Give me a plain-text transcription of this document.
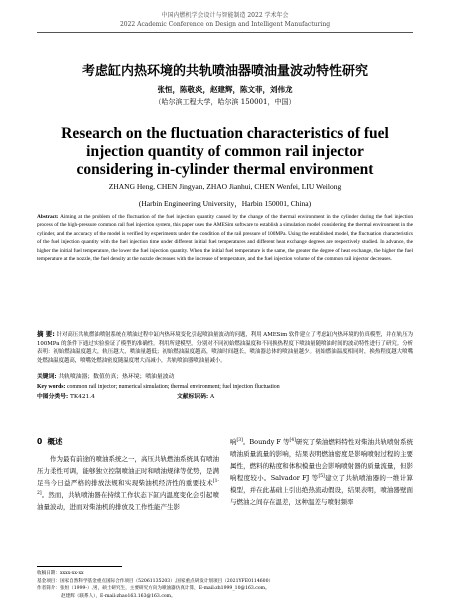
中国内燃机学会设计与智能制造 2022 学术年会
2022 Academic Conference on Design and Intelligent Manufacturing
考虑缸内热环境的共轨喷油器喷油量波动特性研究
张恒，陈敬炎，赵建辉，陈文菲，刘伟龙
（哈尔滨工程大学，哈尔滨 150001，中国）
Research on the fluctuation characteristics of fuel injection quantity of common rail injector considering in-cylinder thermal environment
ZHANG Heng, CHEN Jingyan, ZHAO Jianhui, CHEN Wenfei, LIU Weilong
(Harbin Engineering University，Harbin 150001, China)
Abstract: Aiming at the problem of the fluctuation of the fuel injection quantity caused by the change of the thermal environment in the cylinder during the fuel injection process of the high-pressure common rail fuel injection system, this paper uses the AMESim software to establish a simulation model considering the thermal environment in the cylinder, and the accuracy of the model is verified by experiments under the condition of the rail pressure of 100MPa. Using the established model, the fluctuation characteristics of the fuel injection quantity with the fuel injection time under different initial fuel temperatures and different heat exchange degrees are respectively studied. In advance, the higher the initial fuel temperature, the lower the fuel injection quantity. When the initial fuel temperature is the same, the greater the degree of heat exchange, the higher the fuel temperature at the nozzle, the fuel density at the nozzle decreases with the increase of temperature, and the fuel injection volume of the common rail injector decreases.
摘 要: 针对高压共轨燃油喷射系统在喷油过程中缸内热环境变化引起喷油量波动的问题，利用 AMESim 软件建立了考虑缸内热环境的仿真模型，并在轨压为 100MPa 的条件下通过实验验证了模型的准确性。利用所建模型，分别对不同初始燃油温度和不同换热程度下喷油量随喷油时间的波动特性进行了研究。分析表明：初始燃油温度越大，轨压越大，喷油量越低；初始燃油温度越高，喷油时间越长，喷油器总体的喷油量越少。初始燃油温度相同时，换热程度越大喷嘴处燃油温度越高，喷嘴处燃油密度随温度增大而减小，共轨喷油器喷油量减小。
关键词: 共轨喷油器；数值仿真；热环境；喷油量波动
Key words: common rail injector; numerical simulation; thermal environment; fuel injection fluctuation
中图分类号: TK421.4	文献标识码: A
0 概述

作为最有前途的喷油系统之一，高压共轨燃油系统具有喷油压力柔性可调，能够独立控制喷油正时和喷油规律等优势，是满足当今日益严格的排放法规和实现柴油机经济性的重要技术[1-2]。然而，共轨喷油器在持续工作状态下缸内温度变化会引起喷油量波动，进而对柴油机的排放及工作性能产生影

响[3]。Boundy F 等[4]研究了柴油燃料特性对柴油共轨喷射系统喷油质量流量的影响，结果表明燃油密度是影响喷射过程的主要属性，燃料的粘度和体积模量也会影响喷射器的质量流量，但影响程度较小。Salvador FJ 等[5]建立了共轨喷油器的一维计算模型，并在此基础上引出绝热流动假设，结果表明，喷油器壁面与燃油之间存在温差，这种温差与喷射频率

收稿日期：xxxx-xx-xx

基金项目：国家自然科学基金重点国际合作项目（52061135203）,国家重点研发计划项目（2021YFE0114600）

作者简介：张恒（1999-）,男，硕士研究生，主要研究方向为喷油器仿真计算，E-mail:zh1999_10@163.com。

赵建辉（联系人），E-mail:zhao163.163@163.com。
